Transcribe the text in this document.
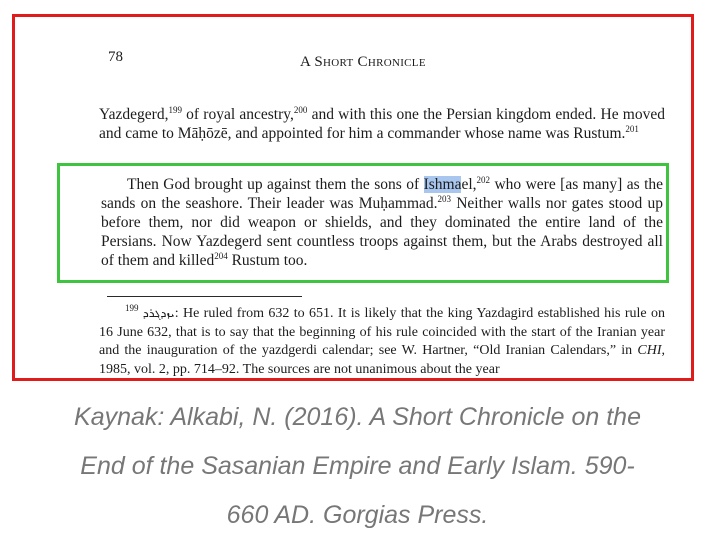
78	A Short Chronicle
Yazdegerd,$^{199}$ of royal ancestry,$^{200}$ and with this one the Persian kingdom ended. He moved and came to Māḥōzē, and appointed for him a commander whose name was Rustum.$^{201}$
Then God brought up against them the sons of Ishmael,$^{202}$ who were [as many] as the sands on the seashore. Their leader was Muḥammad.$^{203}$ Neither walls nor gates stood up before them, nor did weapon or shields, and they dominated the entire land of the Persians. Now Yazdegerd sent countless troops against them, but the Arabs destroyed all of them and killed$^{204}$ Rustum too.
$^{199}$ ܝܙܕܓܪܕ: He ruled from 632 to 651. It is likely that the king Yazdagird established his rule on 16 June 632, that is to say that the beginning of his rule coincided with the start of the Iranian year and the inauguration of the yazdgerdi calendar; see W. Hartner, “Old Iranian Calendars,” in CHI, 1985, vol. 2, pp. 714–92. The sources are not unanimous about the year
Kaynak: Alkabi, N. (2016). A Short Chronicle on the
End of the Sasanian Empire and Early Islam. 590-
660 AD. Gorgias Press.
